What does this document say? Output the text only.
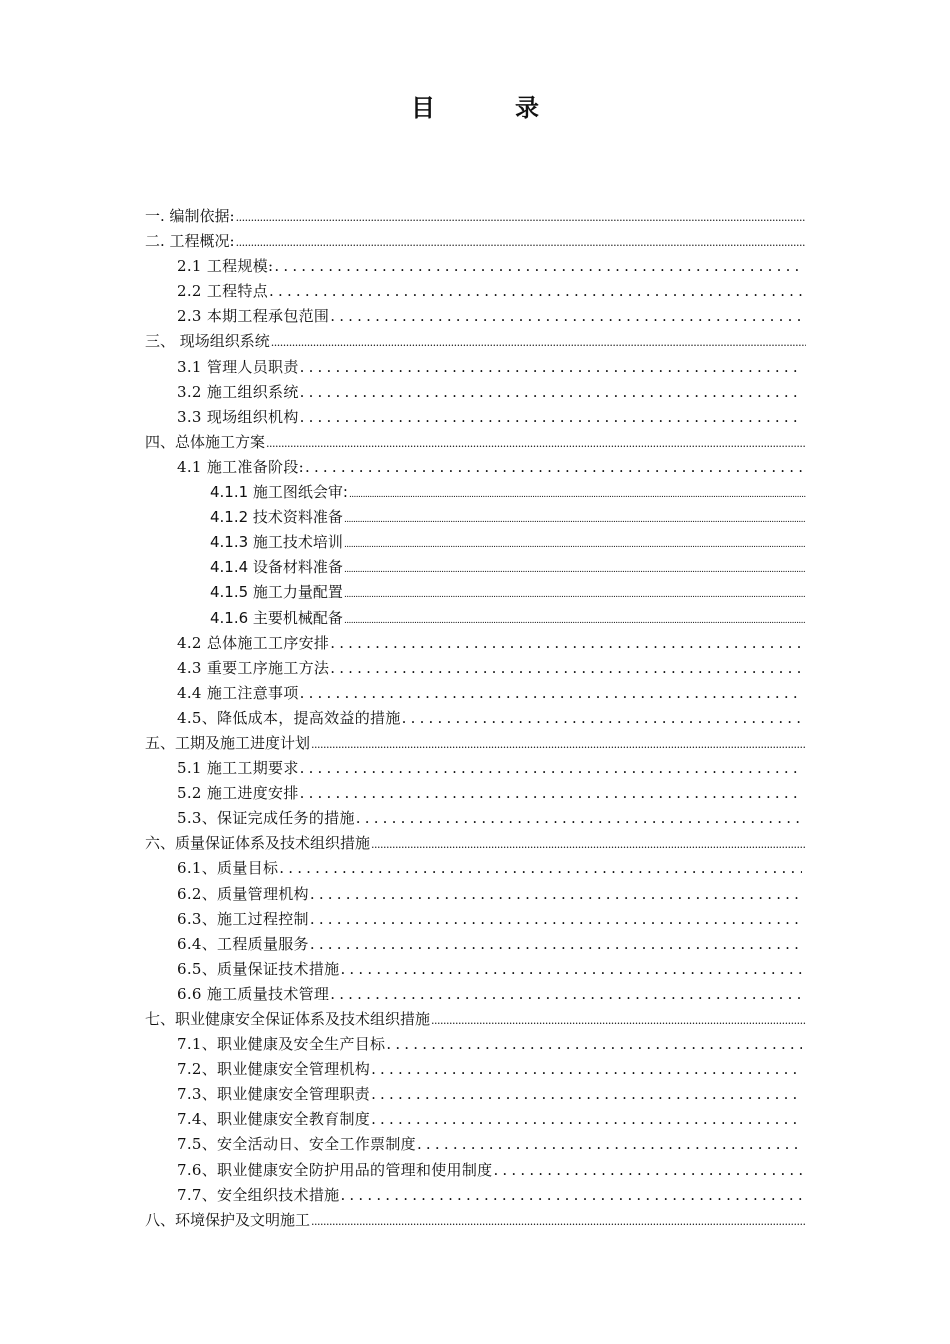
目　录
一. 编制依据:
.....
二. 工程概况:
.....
2.1 工程规模:
.....
2.2 工程特点
.....
2.3 本期工程承包范围
.....
三、 现场组织系统
.....
3.1 管理人员职责
.....
3.2 施工组织系统
.....
3.3 现场组织机构
.....
四、总体施工方案
.....
4.1 施工准备阶段:
.....
4.1.1 施工图纸会审:
.....
4.1.2 技术资料准备
.....
4.1.3 施工技术培训
.....
4.1.4 设备材料准备
.....
4.1.5 施工力量配置
.....
4.1.6 主要机械配备
.....
4.2 总体施工工序安排
.....
4.3 重要工序施工方法
.....
4.4 施工注意事项
.....
4.5、降低成本，提高效益的措施
.....
五、工期及施工进度计划
.....
5.1 施工工期要求
.....
5.2 施工进度安排
.....
5.3、保证完成任务的措施
.....
六、质量保证体系及技术组织措施
.....
6.1、质量目标
.....
6.2、质量管理机构
.....
6.3、施工过程控制
.....
6.4、工程质量服务
.....
6.5、质量保证技术措施
.....
6.6 施工质量技术管理
.....
七、职业健康安全保证体系及技术组织措施
.....
7.1、职业健康及安全生产目标
.....
7.2、职业健康安全管理机构
.....
7.3、职业健康安全管理职责
.....
7.4、职业健康安全教育制度
.....
7.5、安全活动日、安全工作票制度
.....
7.6、职业健康安全防护用品的管理和使用制度
.....
7.7、安全组织技术措施
.....
八、环境保护及文明施工
.....
